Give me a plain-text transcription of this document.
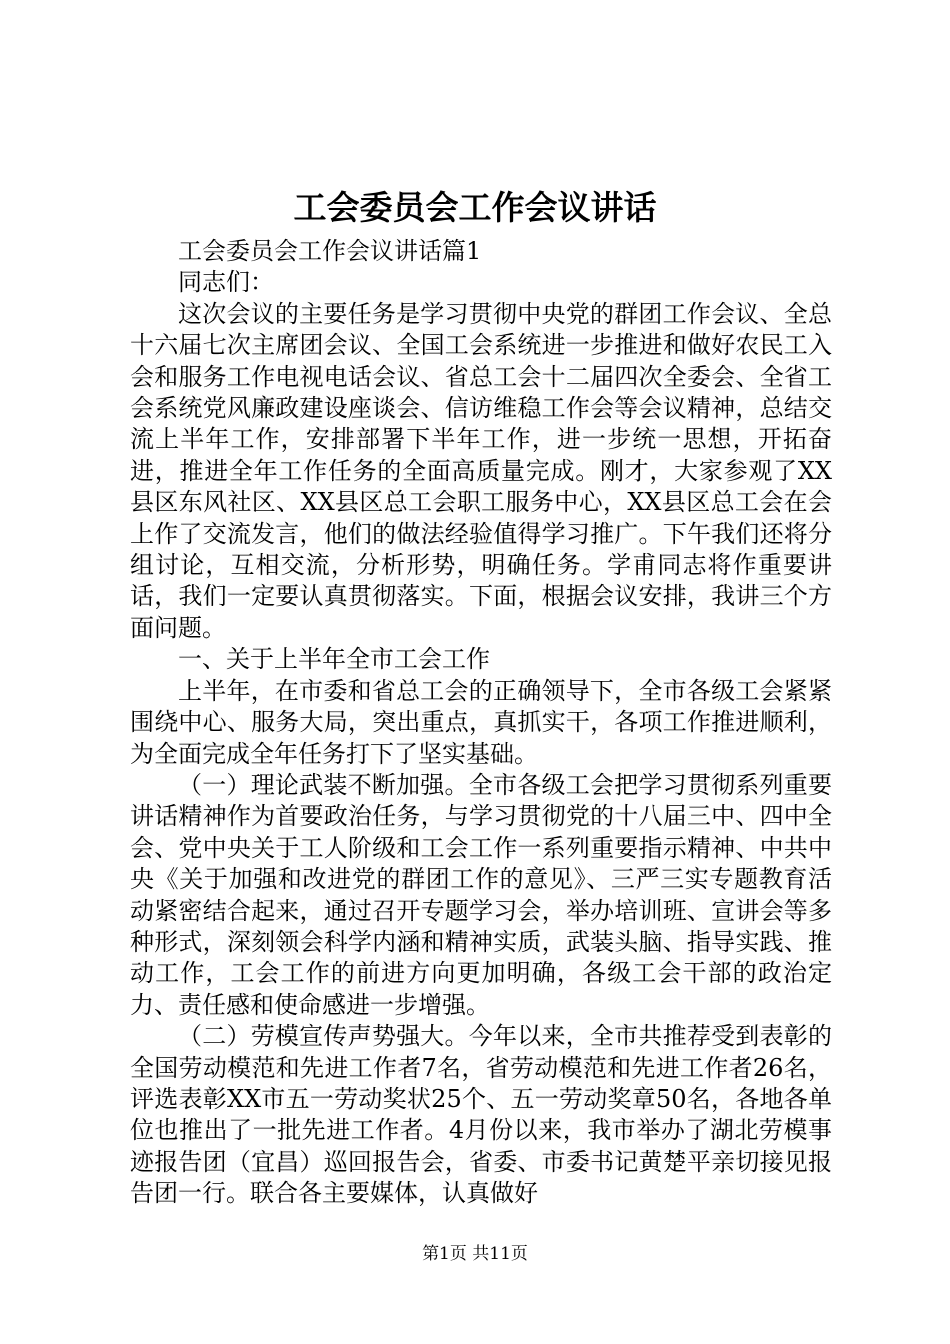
工会委员会工作会议讲话

工会委员会工作会议讲话篇1

同志们：

这次会议的主要任务是学习贯彻中央党的群团工作会议、全总十六届七次主席团会议、全国工会系统进一步推进和做好农民工入会和服务工作电视电话会议、省总工会十二届四次全委会、全省工会系统党风廉政建设座谈会、信访维稳工作会等会议精神，总结交流上半年工作，安排部署下半年工作，进一步统一思想，开拓奋进，推进全年工作任务的全面高质量完成。刚才，大家参观了XX县区东风社区、XX县区总工会职工服务中心，XX县区总工会在会上作了交流发言，他们的做法经验值得学习推广。下午我们还将分组讨论，互相交流，分析形势，明确任务。学甫同志将作重要讲话，我们一定要认真贯彻落实。下面，根据会议安排，我讲三个方面问题。

一、关于上半年全市工会工作

上半年，在市委和省总工会的正确领导下，全市各级工会紧紧围绕中心、服务大局，突出重点，真抓实干，各项工作推进顺利，为全面完成全年任务打下了坚实基础。

（一）理论武装不断加强。全市各级工会把学习贯彻系列重要讲话精神作为首要政治任务，与学习贯彻党的十八届三中、四中全会、党中央关于工人阶级和工会工作一系列重要指示精神、中共中央《关于加强和改进党的群团工作的意见》、三严三实专题教育活动紧密结合起来，通过召开专题学习会，举办培训班、宣讲会等多种形式，深刻领会科学内涵和精神实质，武装头脑、指导实践、推动工作，工会工作的前进方向更加明确，各级工会干部的政治定力、责任感和使命感进一步增强。

（二）劳模宣传声势强大。今年以来，全市共推荐受到表彰的全国劳动模范和先进工作者7名，省劳动模范和先进工作者26名，评选表彰XX市五一劳动奖状25个、五一劳动奖章50名，各地各单位也推出了一批先进工作者。4月份以来，我市举办了湖北劳模事迹报告团（宜昌）巡回报告会，省委、市委书记黄楚平亲切接见报告团一行。联合各主要媒体，认真做好

第1页 共11页
